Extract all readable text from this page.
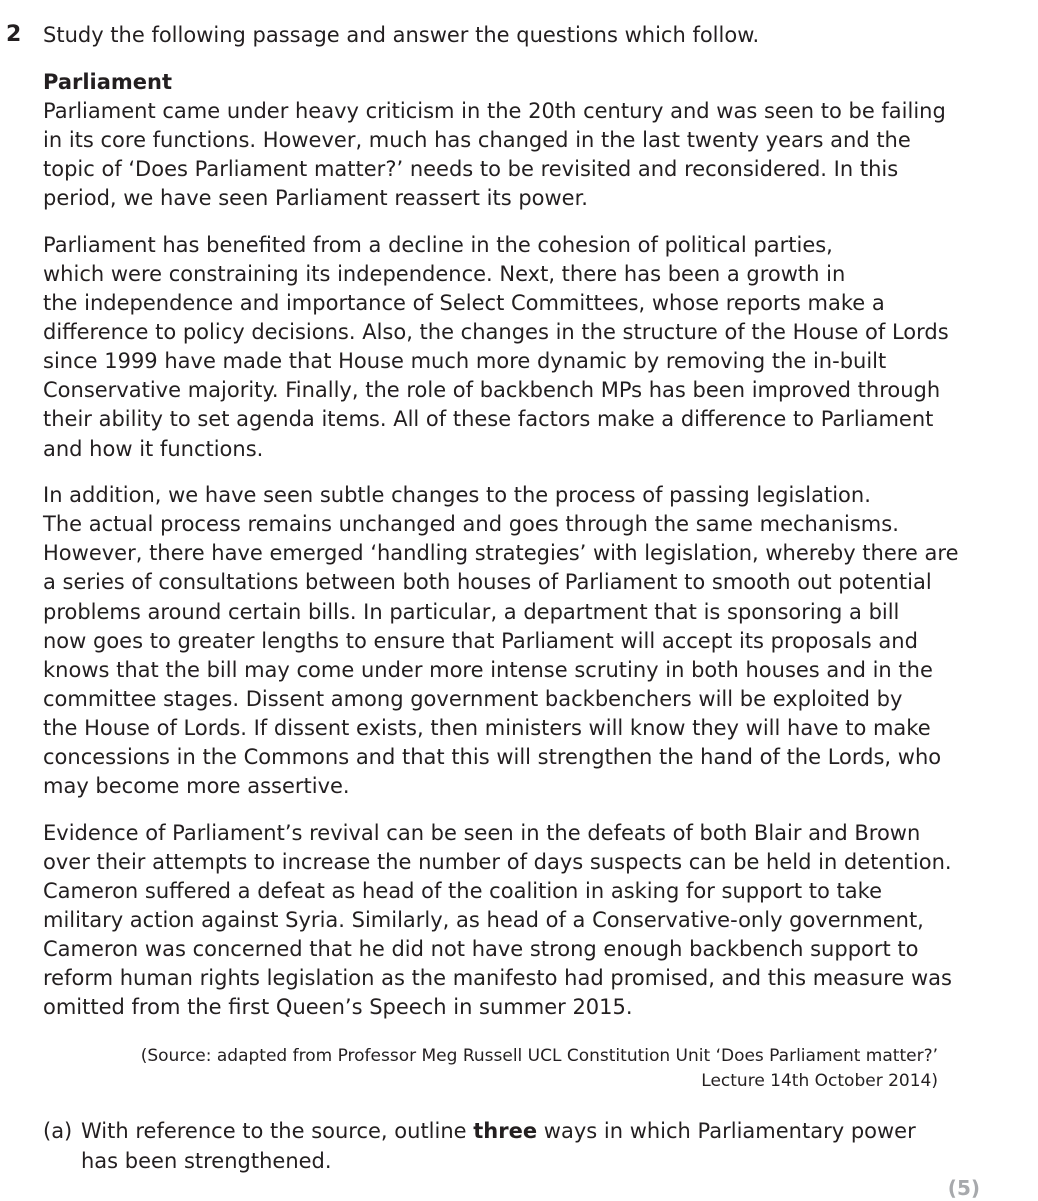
2 Study the following passage and answer the questions which follow.

Parliament

Parliament came under heavy criticism in the 20th century and was seen to be failing
in its core functions. However, much has changed in the last twenty years and the
topic of ‘Does Parliament matter?’ needs to be revisited and reconsidered. In this
period, we have seen Parliament reassert its power.

Parliament has benefited from a decline in the cohesion of political parties,
which were constraining its independence. Next, there has been a growth in
the independence and importance of Select Committees, whose reports make a
difference to policy decisions. Also, the changes in the structure of the House of Lords
since 1999 have made that House much more dynamic by removing the in-built
Conservative majority. Finally, the role of backbench MPs has been improved through
their ability to set agenda items. All of these factors make a difference to Parliament
and how it functions.

In addition, we have seen subtle changes to the process of passing legislation.
The actual process remains unchanged and goes through the same mechanisms.
However, there have emerged ‘handling strategies’ with legislation, whereby there are
a series of consultations between both houses of Parliament to smooth out potential
problems around certain bills. In particular, a department that is sponsoring a bill
now goes to greater lengths to ensure that Parliament will accept its proposals and
knows that the bill may come under more intense scrutiny in both houses and in the
committee stages. Dissent among government backbenchers will be exploited by
the House of Lords. If dissent exists, then ministers will know they will have to make
concessions in the Commons and that this will strengthen the hand of the Lords, who
may become more assertive.

Evidence of Parliament’s revival can be seen in the defeats of both Blair and Brown
over their attempts to increase the number of days suspects can be held in detention.
Cameron suffered a defeat as head of the coalition in asking for support to take
military action against Syria. Similarly, as head of a Conservative-only government,
Cameron was concerned that he did not have strong enough backbench support to
reform human rights legislation as the manifesto had promised, and this measure was
omitted from the first Queen’s Speech in summer 2015.

(Source: adapted from Professor Meg Russell UCL Constitution Unit ‘Does Parliament matter?’
Lecture 14th October 2014)
(a) With reference to the source, outline three ways in which Parliamentary power
has been strengthened.
(5)
